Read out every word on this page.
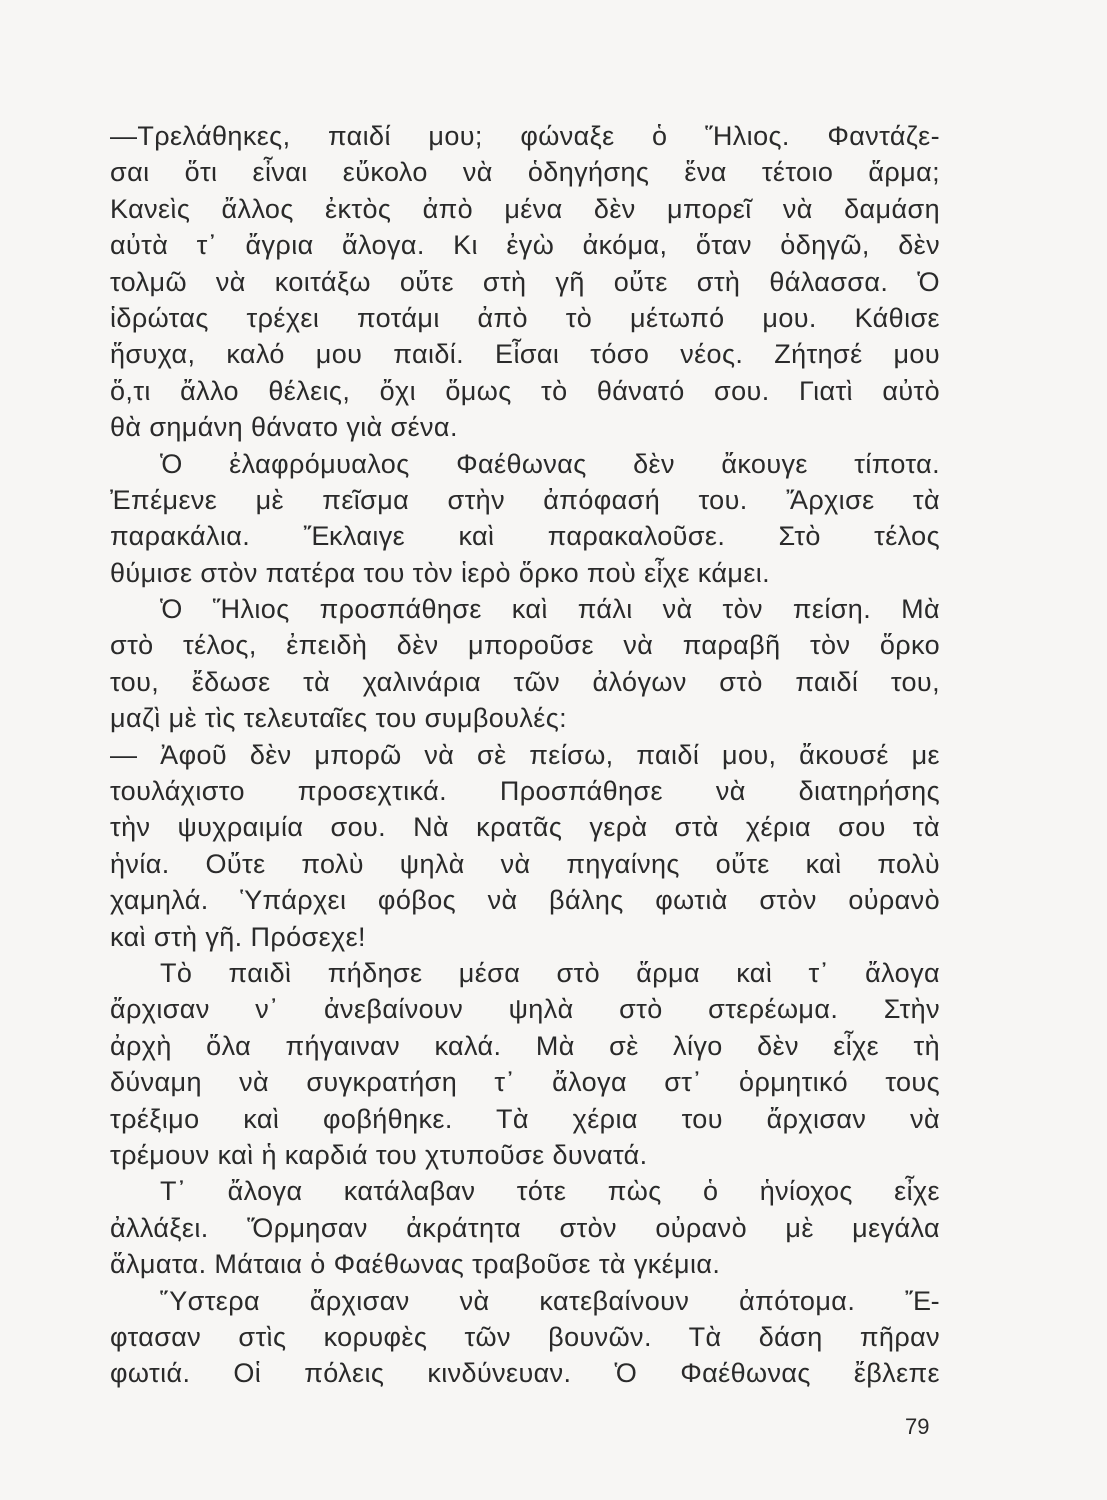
—Τρελάθηκες, παιδί μου; φώναξε ὁ Ἥλιος. Φαντάζε-
σαι ὅτι εἶναι εὔκολο νὰ ὁδηγήσης ἕνα τέτοιο ἅρμα;
Κανεὶς ἄλλος ἐκτὸς ἀπὸ μένα δὲν μπορεῖ νὰ δαμάση
αὐτὰ τ᾿ ἄγρια ἄλογα. Κι ἐγὼ ἀκόμα, ὅταν ὁδηγῶ, δὲν
τολμῶ νὰ κοιτάξω οὔτε στὴ γῆ οὔτε στὴ θάλασσα. Ὁ
ἱδρώτας τρέχει ποτάμι ἀπὸ τὸ μέτωπό μου. Κάθισε
ἥσυχα, καλό μου παιδί. Εἶσαι τόσο νέος. Ζήτησέ μου
ὅ,τι ἄλλο θέλεις, ὄχι ὅμως τὸ θάνατό σου. Γιατὶ αὐτὸ
θὰ σημάνη θάνατο γιὰ σένα.
Ὁ ἐλαφρόμυαλος Φαέθωνας δὲν ἄκουγε τίποτα.
Ἐπέμενε μὲ πεῖσμα στὴν ἀπόφασή του. Ἄρχισε τὰ
παρακάλια. Ἔκλαιγε καὶ παρακαλοῦσε. Στὸ τέλος
θύμισε στὸν πατέρα του τὸν ἱερὸ ὅρκο ποὺ εἶχε κάμει.
Ὁ Ἥλιος προσπάθησε καὶ πάλι νὰ τὸν πείση. Μὰ
στὸ τέλος, ἐπειδὴ δὲν μποροῦσε νὰ παραβῆ τὸν ὅρκο
του, ἔδωσε τὰ χαλινάρια τῶν ἀλόγων στὸ παιδί του,
μαζὶ μὲ τὶς τελευταῖες του συμβουλές:
— Ἀφοῦ δὲν μπορῶ νὰ σὲ πείσω, παιδί μου, ἄκουσέ με
τουλάχιστο προσεχτικά. Προσπάθησε νὰ διατηρήσης
τὴν ψυχραιμία σου. Νὰ κρατᾶς γερὰ στὰ χέρια σου τὰ
ἡνία. Οὔτε πολὺ ψηλὰ νὰ πηγαίνης οὔτε καὶ πολὺ
χαμηλά. Ὑπάρχει φόβος νὰ βάλης φωτιὰ στὸν οὐρανὸ
καὶ στὴ γῆ. Πρόσεχε!
Τὸ παιδὶ πήδησε μέσα στὸ ἅρμα καὶ τ᾿ ἄλογα
ἄρχισαν ν᾿ ἀνεβαίνουν ψηλὰ στὸ στερέωμα. Στὴν
ἀρχὴ ὅλα πήγαιναν καλά. Μὰ σὲ λίγο δὲν εἶχε τὴ
δύναμη νὰ συγκρατήση τ᾿ ἄλογα στ᾿ ὁρμητικό τους
τρέξιμο καὶ φοβήθηκε. Τὰ χέρια του ἄρχισαν νὰ
τρέμουν καὶ ἡ καρδιά του χτυποῦσε δυνατά.
Τ᾿ ἄλογα κατάλαβαν τότε πὼς ὁ ἡνίοχος εἶχε
ἀλλάξει. Ὅρμησαν ἀκράτητα στὸν οὐρανὸ μὲ μεγάλα
ἅλματα. Μάταια ὁ Φαέθωνας τραβοῦσε τὰ γκέμια.
Ὕστερα ἄρχισαν νὰ κατεβαίνουν ἀπότομα. Ἔ-
φτασαν στὶς κορυφὲς τῶν βουνῶν. Τὰ δάση πῆραν
φωτιά. Οἱ πόλεις κινδύνευαν. Ὁ Φαέθωνας ἔβλεπε
79
